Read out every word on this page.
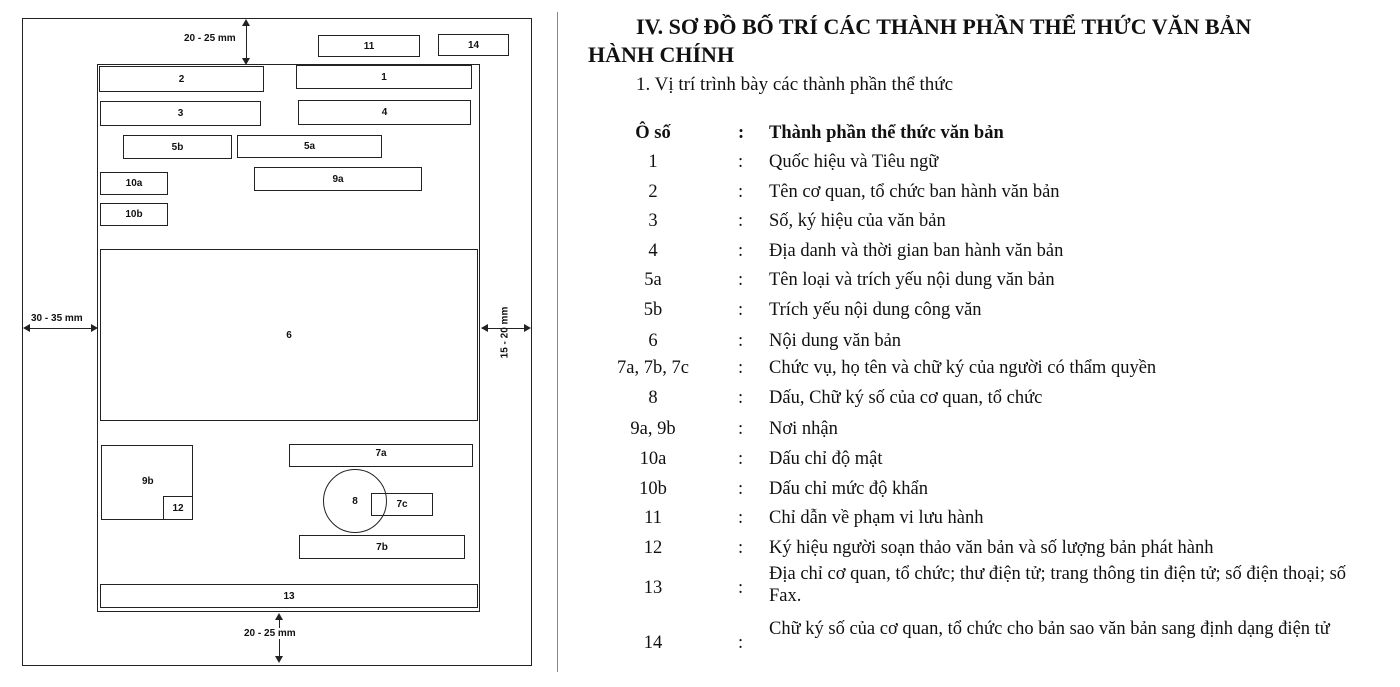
20 - 25 mm
30 - 35 mm	15 - 20 mm
20 - 25 mm
11	14
2	1
3	4
5b	5a
10a	9a
10b
6
9b
12
7a
8	7c
7b
13
IV. SƠ ĐỒ BỐ TRÍ CÁC THÀNH PHẦN THỂ THỨC VĂN BẢN
HÀNH CHÍNH
1. Vị trí trình bày các thành phần thể thức
Ô số	: Thành phần thể thức văn bản
1	: Quốc hiệu và Tiêu ngữ
2	: Tên cơ quan, tổ chức ban hành văn bản
3	: Số, ký hiệu của văn bản
4	: Địa danh và thời gian ban hành văn bản
5a	: Tên loại và trích yếu nội dung văn bản
5b	: Trích yếu nội dung công văn
6	: Nội dung văn bản
7a, 7b, 7c	: Chức vụ, họ tên và chữ ký của người có thẩm quyền
8	: Dấu, Chữ ký số của cơ quan, tổ chức
9a, 9b	: Nơi nhận
10a	: Dấu chỉ độ mật
10b	: Dấu chỉ mức độ khẩn
11	: Chỉ dẫn về phạm vi lưu hành
12	: Ký hiệu người soạn thảo văn bản và số lượng bản phát hành
13	:
Địa chỉ cơ quan, tổ chức; thư điện tử; trang thông tin điện tử; số điện thoại; số Fax.
14	:
Chữ ký số của cơ quan, tổ chức cho bản sao văn bản sang định dạng điện tử
